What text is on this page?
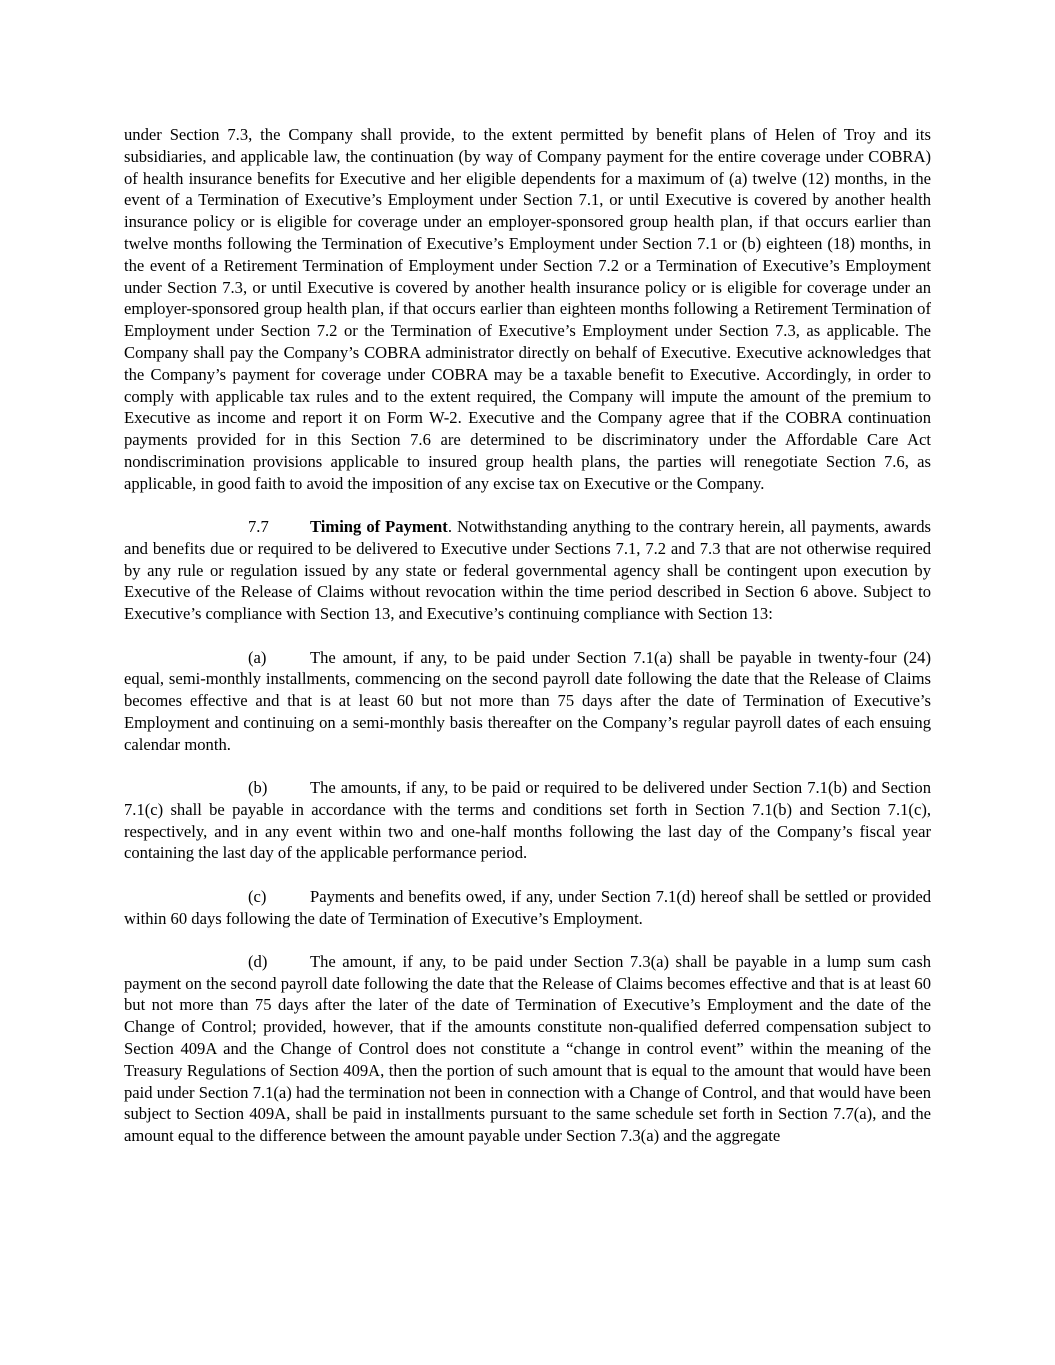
under Section 7.3, the Company shall provide, to the extent permitted by benefit plans of Helen of Troy and its subsidiaries, and applicable law, the continuation (by way of Company payment for the entire coverage under COBRA) of health insurance benefits for Executive and her eligible dependents for a maximum of (a) twelve (12) months, in the event of a Termination of Executive’s Employment under Section 7.1, or until Executive is covered by another health insurance policy or is eligible for coverage under an employer-sponsored group health plan, if that occurs earlier than twelve months following the Termination of Executive’s Employment under Section 7.1 or (b) eighteen (18) months, in the event of a Retirement Termination of Employment under Section 7.2 or a Termination of Executive’s Employment under Section 7.3, or until Executive is covered by another health insurance policy or is eligible for coverage under an employer-sponsored group health plan, if that occurs earlier than eighteen months following a Retirement Termination of Employment under Section 7.2 or the Termination of Executive’s Employment under Section 7.3, as applicable. The Company shall pay the Company’s COBRA administrator directly on behalf of Executive. Executive acknowledges that the Company’s payment for coverage under COBRA may be a taxable benefit to Executive. Accordingly, in order to comply with applicable tax rules and to the extent required, the Company will impute the amount of the premium to Executive as income and report it on Form W-2. Executive and the Company agree that if the COBRA continuation payments provided for in this Section 7.6 are determined to be discriminatory under the Affordable Care Act nondiscrimination provisions applicable to insured group health plans, the parties will renegotiate Section 7.6, as applicable, in good faith to avoid the imposition of any excise tax on Executive or the Company.

7.7 Timing of Payment. Notwithstanding anything to the contrary herein, all payments, awards and benefits due or required to be delivered to Executive under Sections 7.1, 7.2 and 7.3 that are not otherwise required by any rule or regulation issued by any state or federal governmental agency shall be contingent upon execution by Executive of the Release of Claims without revocation within the time period described in Section 6 above. Subject to Executive’s compliance with Section 13, and Executive’s continuing compliance with Section 13:

(a)	The amount, if any, to be paid under Section 7.1(a) shall be payable in twenty-four (24) equal, semi-monthly installments, commencing on the second payroll date following the date that the Release of Claims becomes effective and that is at least 60 but not more than 75 days after the date of Termination of Executive’s Employment and continuing on a semi-monthly basis thereafter on the Company’s regular payroll dates of each ensuing calendar month.

(b)	The amounts, if any, to be paid or required to be delivered under Section 7.1(b) and Section 7.1(c) shall be payable in accordance with the terms and conditions set forth in Section 7.1(b) and Section 7.1(c), respectively, and in any event within two and one-half months following the last day of the Company’s fiscal year containing the last day of the applicable performance period.

(c)	Payments and benefits owed, if any, under Section 7.1(d) hereof shall be settled or provided within 60 days following the date of Termination of Executive’s Employment.

(d)	The amount, if any, to be paid under Section 7.3(a) shall be payable in a lump sum cash payment on the second payroll date following the date that the Release of Claims becomes effective and that is at least 60 but not more than 75 days after the later of the date of Termination of Executive’s Employment and the date of the Change of Control; provided, however, that if the amounts constitute non-qualified deferred compensation subject to Section 409A and the Change of Control does not constitute a “change in control event” within the meaning of the Treasury Regulations of Section 409A, then the portion of such amount that is equal to the amount that would have been paid under Section 7.1(a) had the termination not been in connection with a Change of Control, and that would have been subject to Section 409A, shall be paid in installments pursuant to the same schedule set forth in Section 7.7(a), and the amount equal to the difference between the amount payable under Section 7.3(a) and the aggregate
